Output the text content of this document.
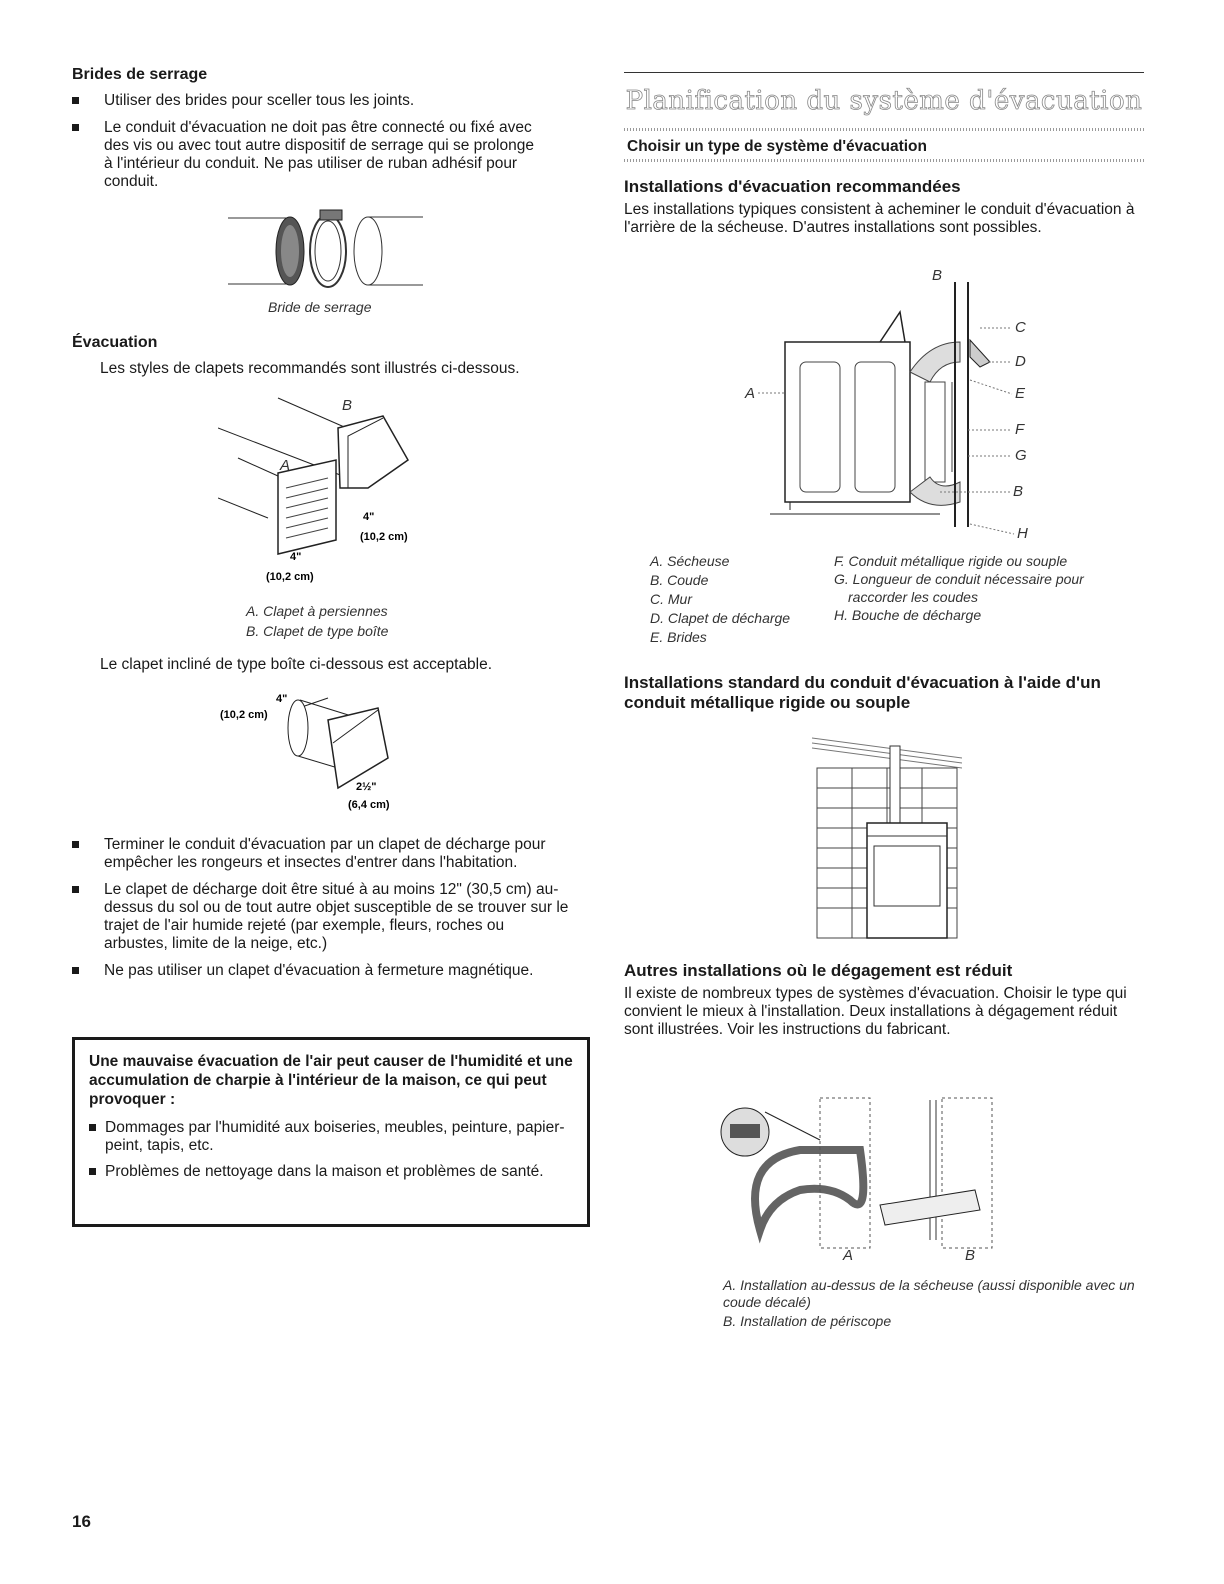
Brides de serrage
Utiliser des brides pour sceller tous les joints.
Le conduit d'évacuation ne doit pas être connecté ou fixé avec des vis ou avec tout autre dispositif de serrage qui se prolonge à l'intérieur du conduit. Ne pas utiliser de ruban adhésif pour conduit.
Bride de serrage
Évacuation
Les styles de clapets recommandés sont illustrés ci-dessous.
B
A
4"
(10,2 cm)
4"
(10,2 cm)
A. Clapet à persiennes
B. Clapet de type boîte
Le clapet incliné de type boîte ci-dessous est acceptable.
4"
(10,2 cm)
2½"
(6,4 cm)
Terminer le conduit d'évacuation par un clapet de décharge pour empêcher les rongeurs et insectes d'entrer dans l'habitation.
Le clapet de décharge doit être situé à au moins 12" (30,5 cm) au-dessus du sol ou de tout autre objet susceptible de se trouver sur le trajet de l'air humide rejeté (par exemple, fleurs, roches ou arbustes, limite de la neige, etc.)
Ne pas utiliser un clapet d'évacuation à fermeture magnétique.
Une mauvaise évacuation de l'air peut causer de l'humidité et une accumulation de charpie à l'intérieur de la maison, ce qui peut provoquer :
Dommages par l'humidité aux boiseries, meubles, peinture, papier-peint, tapis, etc.
Problèmes de nettoyage dans la maison et problèmes de santé.
Planification du système d'évacuation
Choisir un type de système d'évacuation
Installations d'évacuation recommandées
Les installations typiques consistent à acheminer le conduit d'évacuation à l'arrière de la sécheuse. D'autres installations sont possibles.
B
C
D
E
F
G
B
H
A
A. Sécheuse
B. Coude
C. Mur
D. Clapet de décharge
E. Brides
F. Conduit métallique rigide ou souple
G. Longueur de conduit nécessaire pour raccorder les coudes
H. Bouche de décharge
Installations standard du conduit d'évacuation à l'aide d'un conduit métallique rigide ou souple
Autres installations où le dégagement est réduit
Il existe de nombreux types de systèmes d'évacuation. Choisir le type qui convient le mieux à l'installation. Deux installations à dégagement réduit sont illustrées. Voir les instructions du fabricant.
A	B
A. Installation au-dessus de la sécheuse (aussi disponible avec un coude décalé)
B. Installation de périscope
16
